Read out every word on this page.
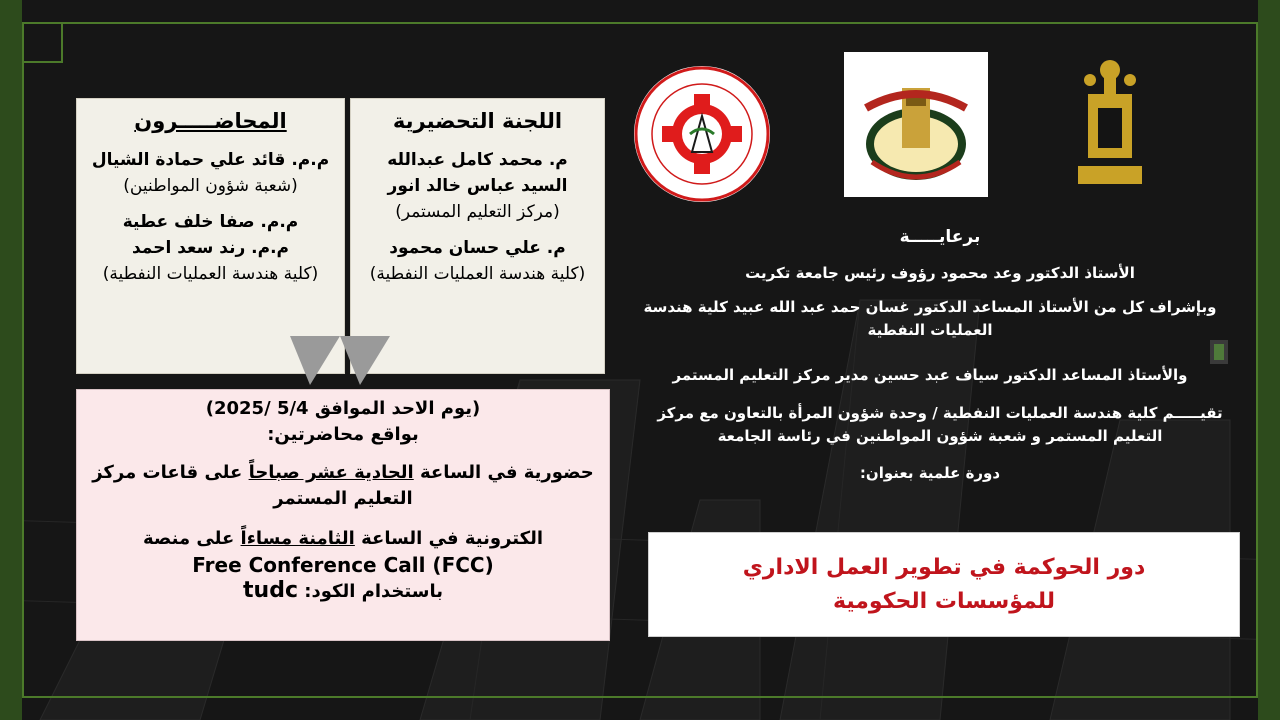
اللجنة التحضيرية
م. محمد كامل عبدالله
السيد عباس خالد انور
(مركز التعليم المستمر)
م. علي حسان محمود
(كلية هندسة العمليات النفطية)
المحاضـــــرون
م.م. قائد علي حمادة الشيال
(شعبة شؤون المواطنين)
م.م. صفا خلف عطية
م.م. رند سعد احمد
(كلية هندسة العمليات النفطية)
(يوم الاحد الموافق 5/4 /2025)
بواقع محاضرتين:
حضورية في الساعة الحادية عشر صباحاً على قاعات مركز التعليم المستمر
الكترونية في الساعة الثامنة مساءاً على منصة
Free Conference Call (FCC)
باستخدام الكود: tudc
برعايـــــة
الأستاذ الدكتور وعد محمود رؤوف رئيس جامعة تكريت
وبإشراف كل من الأستاذ المساعد الدكتور غسان حمد عبد الله عبيد كلية هندسة العمليات النفطية
والأستاذ المساعد الدكتور سياف عبد حسين مدير مركز التعليم المستمر
تقيـــــم كلية هندسة العمليات النفطية / وحدة شؤون المرأة بالتعاون مع مركز التعليم المستمر و شعبة شؤون المواطنين في رئاسة الجامعة
دورة علمية بعنوان:
دور الحوكمة في تطوير العمل الاداري للمؤسسات الحكومية
